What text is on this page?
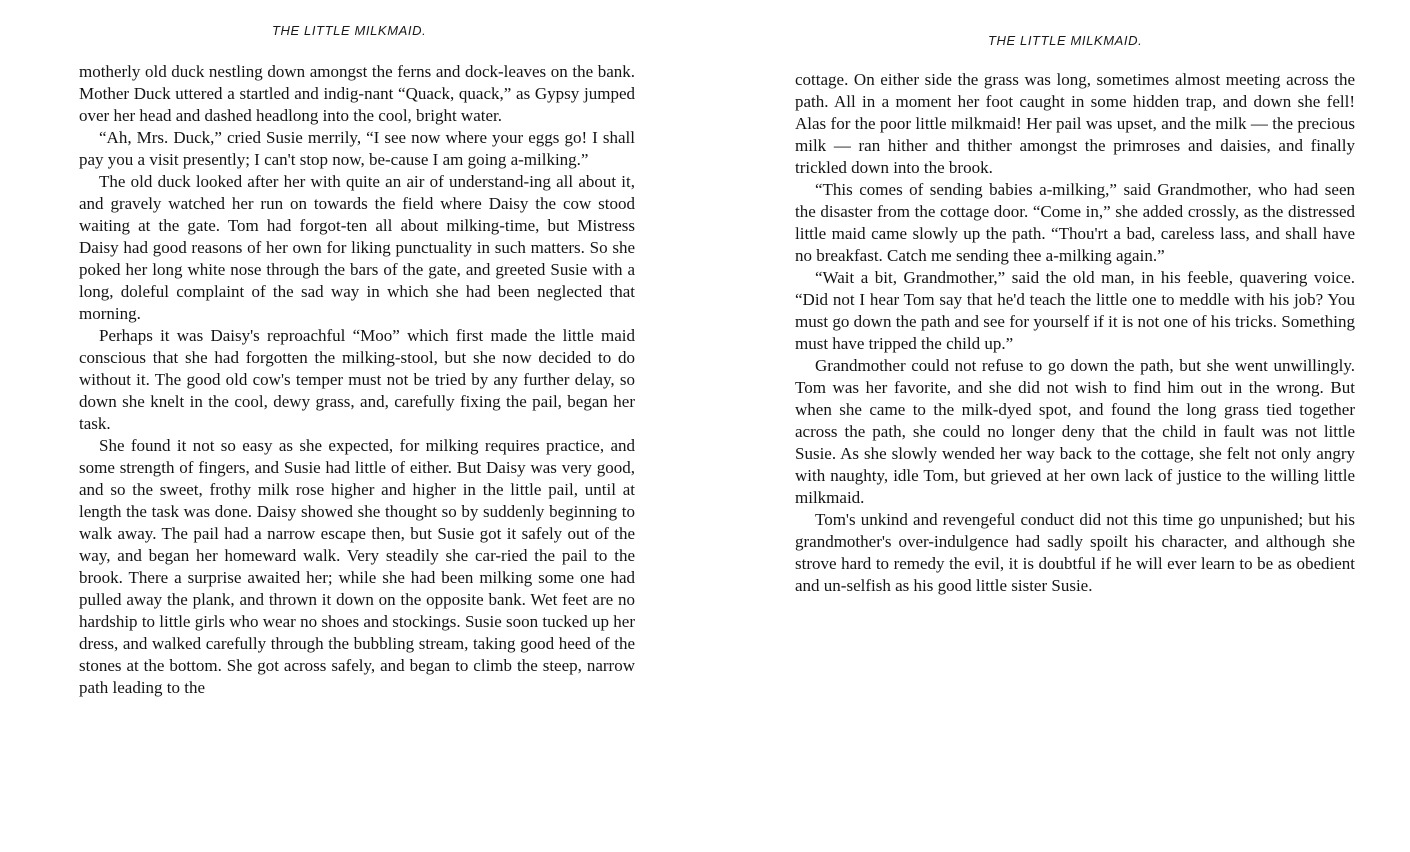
THE LITTLE MILKMAID.

motherly old duck nestling down amongst the ferns and dock-leaves on the bank. Mother Duck uttered a startled and indig-nant “Quack, quack,” as Gypsy jumped over her head and dashed headlong into the cool, bright water.

“Ah, Mrs. Duck,” cried Susie merrily, “I see now where your eggs go! I shall pay you a visit presently; I can't stop now, be-cause I am going a-milking.”

The old duck looked after her with quite an air of understand-ing all about it, and gravely watched her run on towards the field where Daisy the cow stood waiting at the gate. Tom had forgot-ten all about milking-time, but Mistress Daisy had good reasons of her own for liking punctuality in such matters. So she poked her long white nose through the bars of the gate, and greeted Susie with a long, doleful complaint of the sad way in which she had been neglected that morning.

Perhaps it was Daisy's reproachful “Moo” which first made the little maid conscious that she had forgotten the milking-stool, but she now decided to do without it. The good old cow's temper must not be tried by any further delay, so down she knelt in the cool, dewy grass, and, carefully fixing the pail, began her task.

She found it not so easy as she expected, for milking requires practice, and some strength of fingers, and Susie had little of either. But Daisy was very good, and so the sweet, frothy milk rose higher and higher in the little pail, until at length the task was done. Daisy showed she thought so by suddenly beginning to walk away. The pail had a narrow escape then, but Susie got it safely out of the way, and began her homeward walk. Very steadily she car-ried the pail to the brook. There a surprise awaited her; while she had been milking some one had pulled away the plank, and thrown it down on the opposite bank. Wet feet are no hardship to little girls who wear no shoes and stockings. Susie soon tucked up her dress, and walked carefully through the bubbling stream, taking good heed of the stones at the bottom. She got across safely, and began to climb the steep, narrow path leading to the

THE LITTLE MILKMAID.

cottage. On either side the grass was long, sometimes almost meeting across the path. All in a moment her foot caught in some hidden trap, and down she fell! Alas for the poor little milkmaid! Her pail was upset, and the milk — the precious milk — ran hither and thither amongst the primroses and daisies, and finally trickled down into the brook.

“This comes of sending babies a-milking,” said Grandmother, who had seen the disaster from the cottage door. “Come in,” she added crossly, as the distressed little maid came slowly up the path. “Thou'rt a bad, careless lass, and shall have no breakfast. Catch me sending thee a-milking again.”

“Wait a bit, Grandmother,” said the old man, in his feeble, quavering voice. “Did not I hear Tom say that he'd teach the little one to meddle with his job? You must go down the path and see for yourself if it is not one of his tricks. Something must have tripped the child up.”

Grandmother could not refuse to go down the path, but she went unwillingly. Tom was her favorite, and she did not wish to find him out in the wrong. But when she came to the milk-dyed spot, and found the long grass tied together across the path, she could no longer deny that the child in fault was not little Susie. As she slowly wended her way back to the cottage, she felt not only angry with naughty, idle Tom, but grieved at her own lack of justice to the willing little milkmaid.

Tom's unkind and revengeful conduct did not this time go unpunished; but his grandmother's over-indulgence had sadly spoilt his character, and although she strove hard to remedy the evil, it is doubtful if he will ever learn to be as obedient and un-selfish as his good little sister Susie.
